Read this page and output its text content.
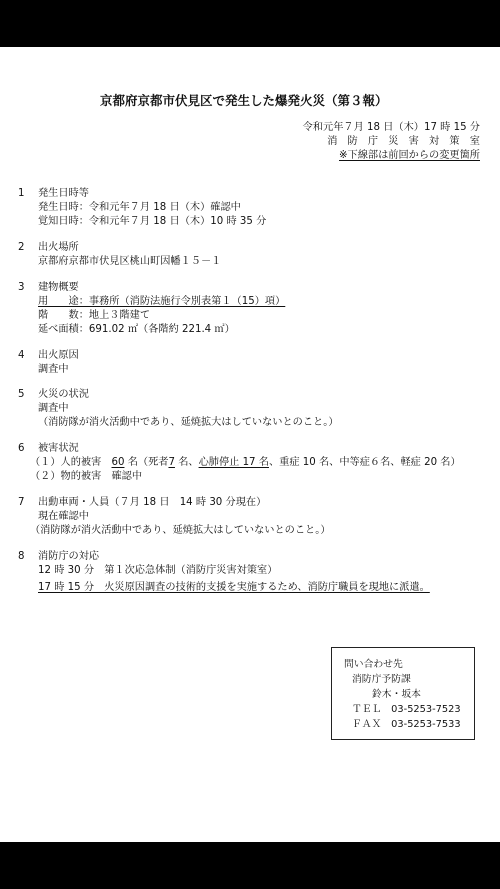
京都府京都市伏見区で発生した爆発火災（第３報）
令和元年７月 18 日（木）17 時 15 分
消　防　庁　災　害　対　策　室
※下線部は前回からの変更箇所
1 発生日時等
発生日時：令和元年７月 18 日（木）確認中
覚知日時：令和元年７月 18 日（木）10 時 35 分
2 出火場所
京都府京都市伏見区桃山町因幡１５－１
3 建物概要
用　　途：事務所（消防法施行令別表第１（15）項）
階　　数：地上３階建て
延べ面積：691.02 ㎡（各階約 221.4 ㎡）
4 出火原因
調査中
5 火災の状況
調査中
（消防隊が消火活動中であり、延焼拡大はしていないとのこと。）
6 被害状況
（１）人的被害　60 名（死者7 名、心肺停止 17 名、重症 10 名、中等症６名、軽症 20 名）
（２）物的被害　確認中
7 出動車両・人員（７月 18 日　14 時 30 分現在）
現在確認中
（消防隊が消火活動中であり、延焼拡大はしていないとのこと。）
8 消防庁の対応
12 時 30 分　第１次応急体制（消防庁災害対策室）
17 時 15 分　火災原因調査の技術的支援を実施するため、消防庁職員を現地に派遣。
問い合わせ先
消防庁予防課
鈴木・坂本
ＴＥＬ　03-5253-7523
ＦＡＸ　03-5253-7533
